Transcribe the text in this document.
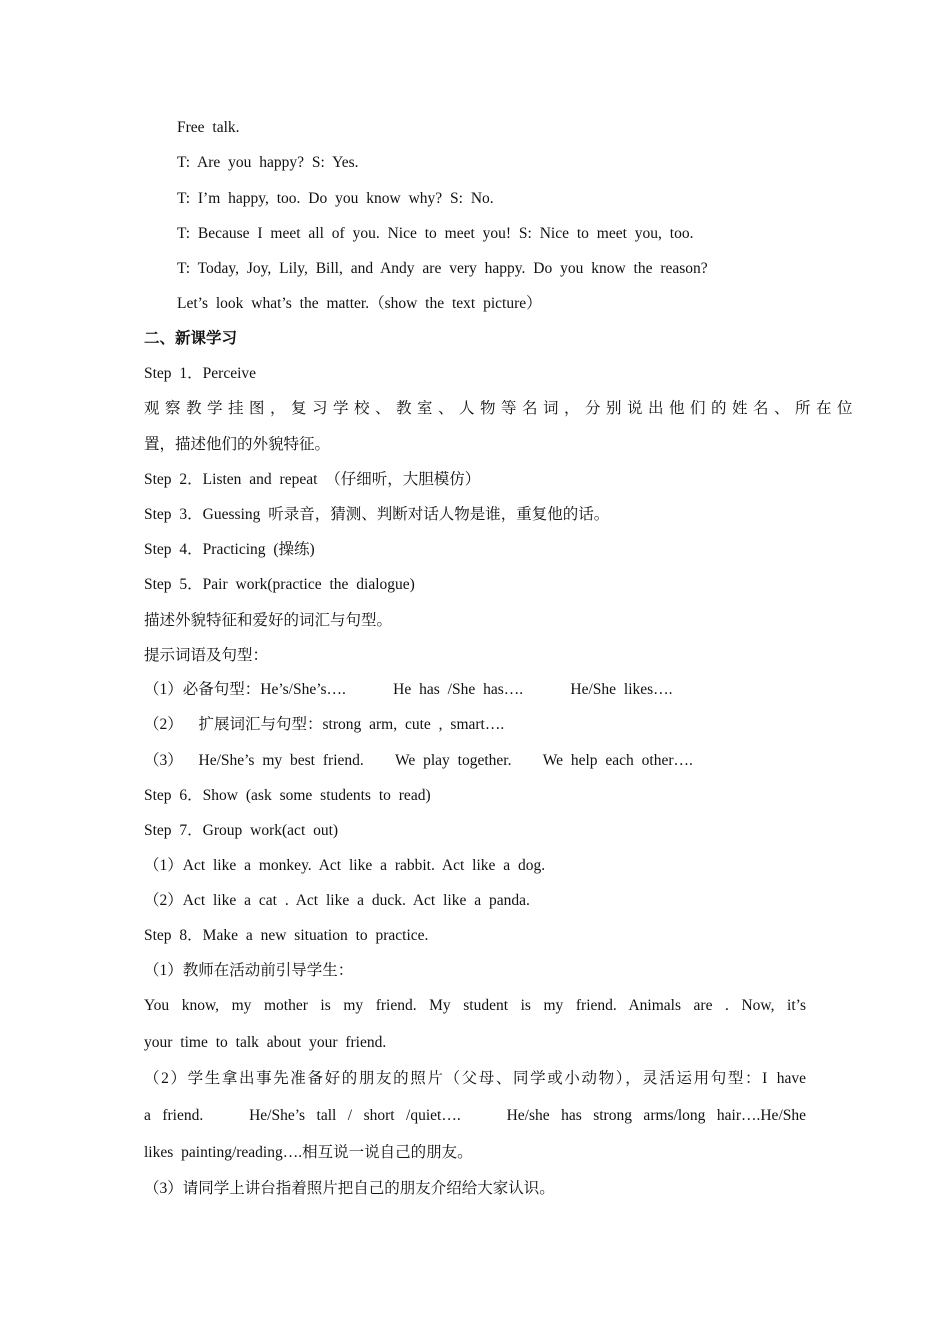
Free talk.
T: Are you happy? S: Yes.
T: I’m happy, too. Do you know why? S: No.
T: Because I meet all of you. Nice to meet you! S: Nice to meet you, too.
T: Today, Joy, Lily, Bill, and Andy are very happy. Do you know the reason?
Let’s look what’s the matter.（show the text picture）
二、新课学习
Step 1．Perceive
观察教学挂图，复习学校、教室、人物等名词，分别说出他们的姓名、所在位
置，描述他们的外貌特征。
Step 2．Listen and repeat （仔细听，大胆模仿）
Step 3．Guessing 听录音，猜测、判断对话人物是谁，重复他的话。
Step 4．Practicing (操练)
Step 5．Pair work(practice the dialogue)
描述外貌特征和爱好的词汇与句型。
提示词语及句型：
（1）必备句型：He’s/She’s….      He has /She has….      He/She likes….
（2）  扩展词汇与句型：strong arm, cute , smart….
（3）  He/She’s my best friend.    We play together.    We help each other….
Step 6．Show (ask some students to read)
Step 7．Group work(act out)
（1）Act like a monkey. Act like a rabbit. Act like a dog.
（2）Act like a cat . Act like a duck. Act like a panda.
Step 8．Make a new situation to practice.
（1）教师在活动前引导学生：
You know, my mother is my friend. My student is my friend. Animals are . Now, it’s
your time to talk about your friend.
（2）学生拿出事先准备好的朋友的照片（父母、同学或小动物），灵活运用句型：I have
a friend.    He/She’s tall / short /quiet….    He/she has strong arms/long hair….He/She
likes painting/reading….相互说一说自己的朋友。
（3）请同学上讲台指着照片把自己的朋友介绍给大家认识。
